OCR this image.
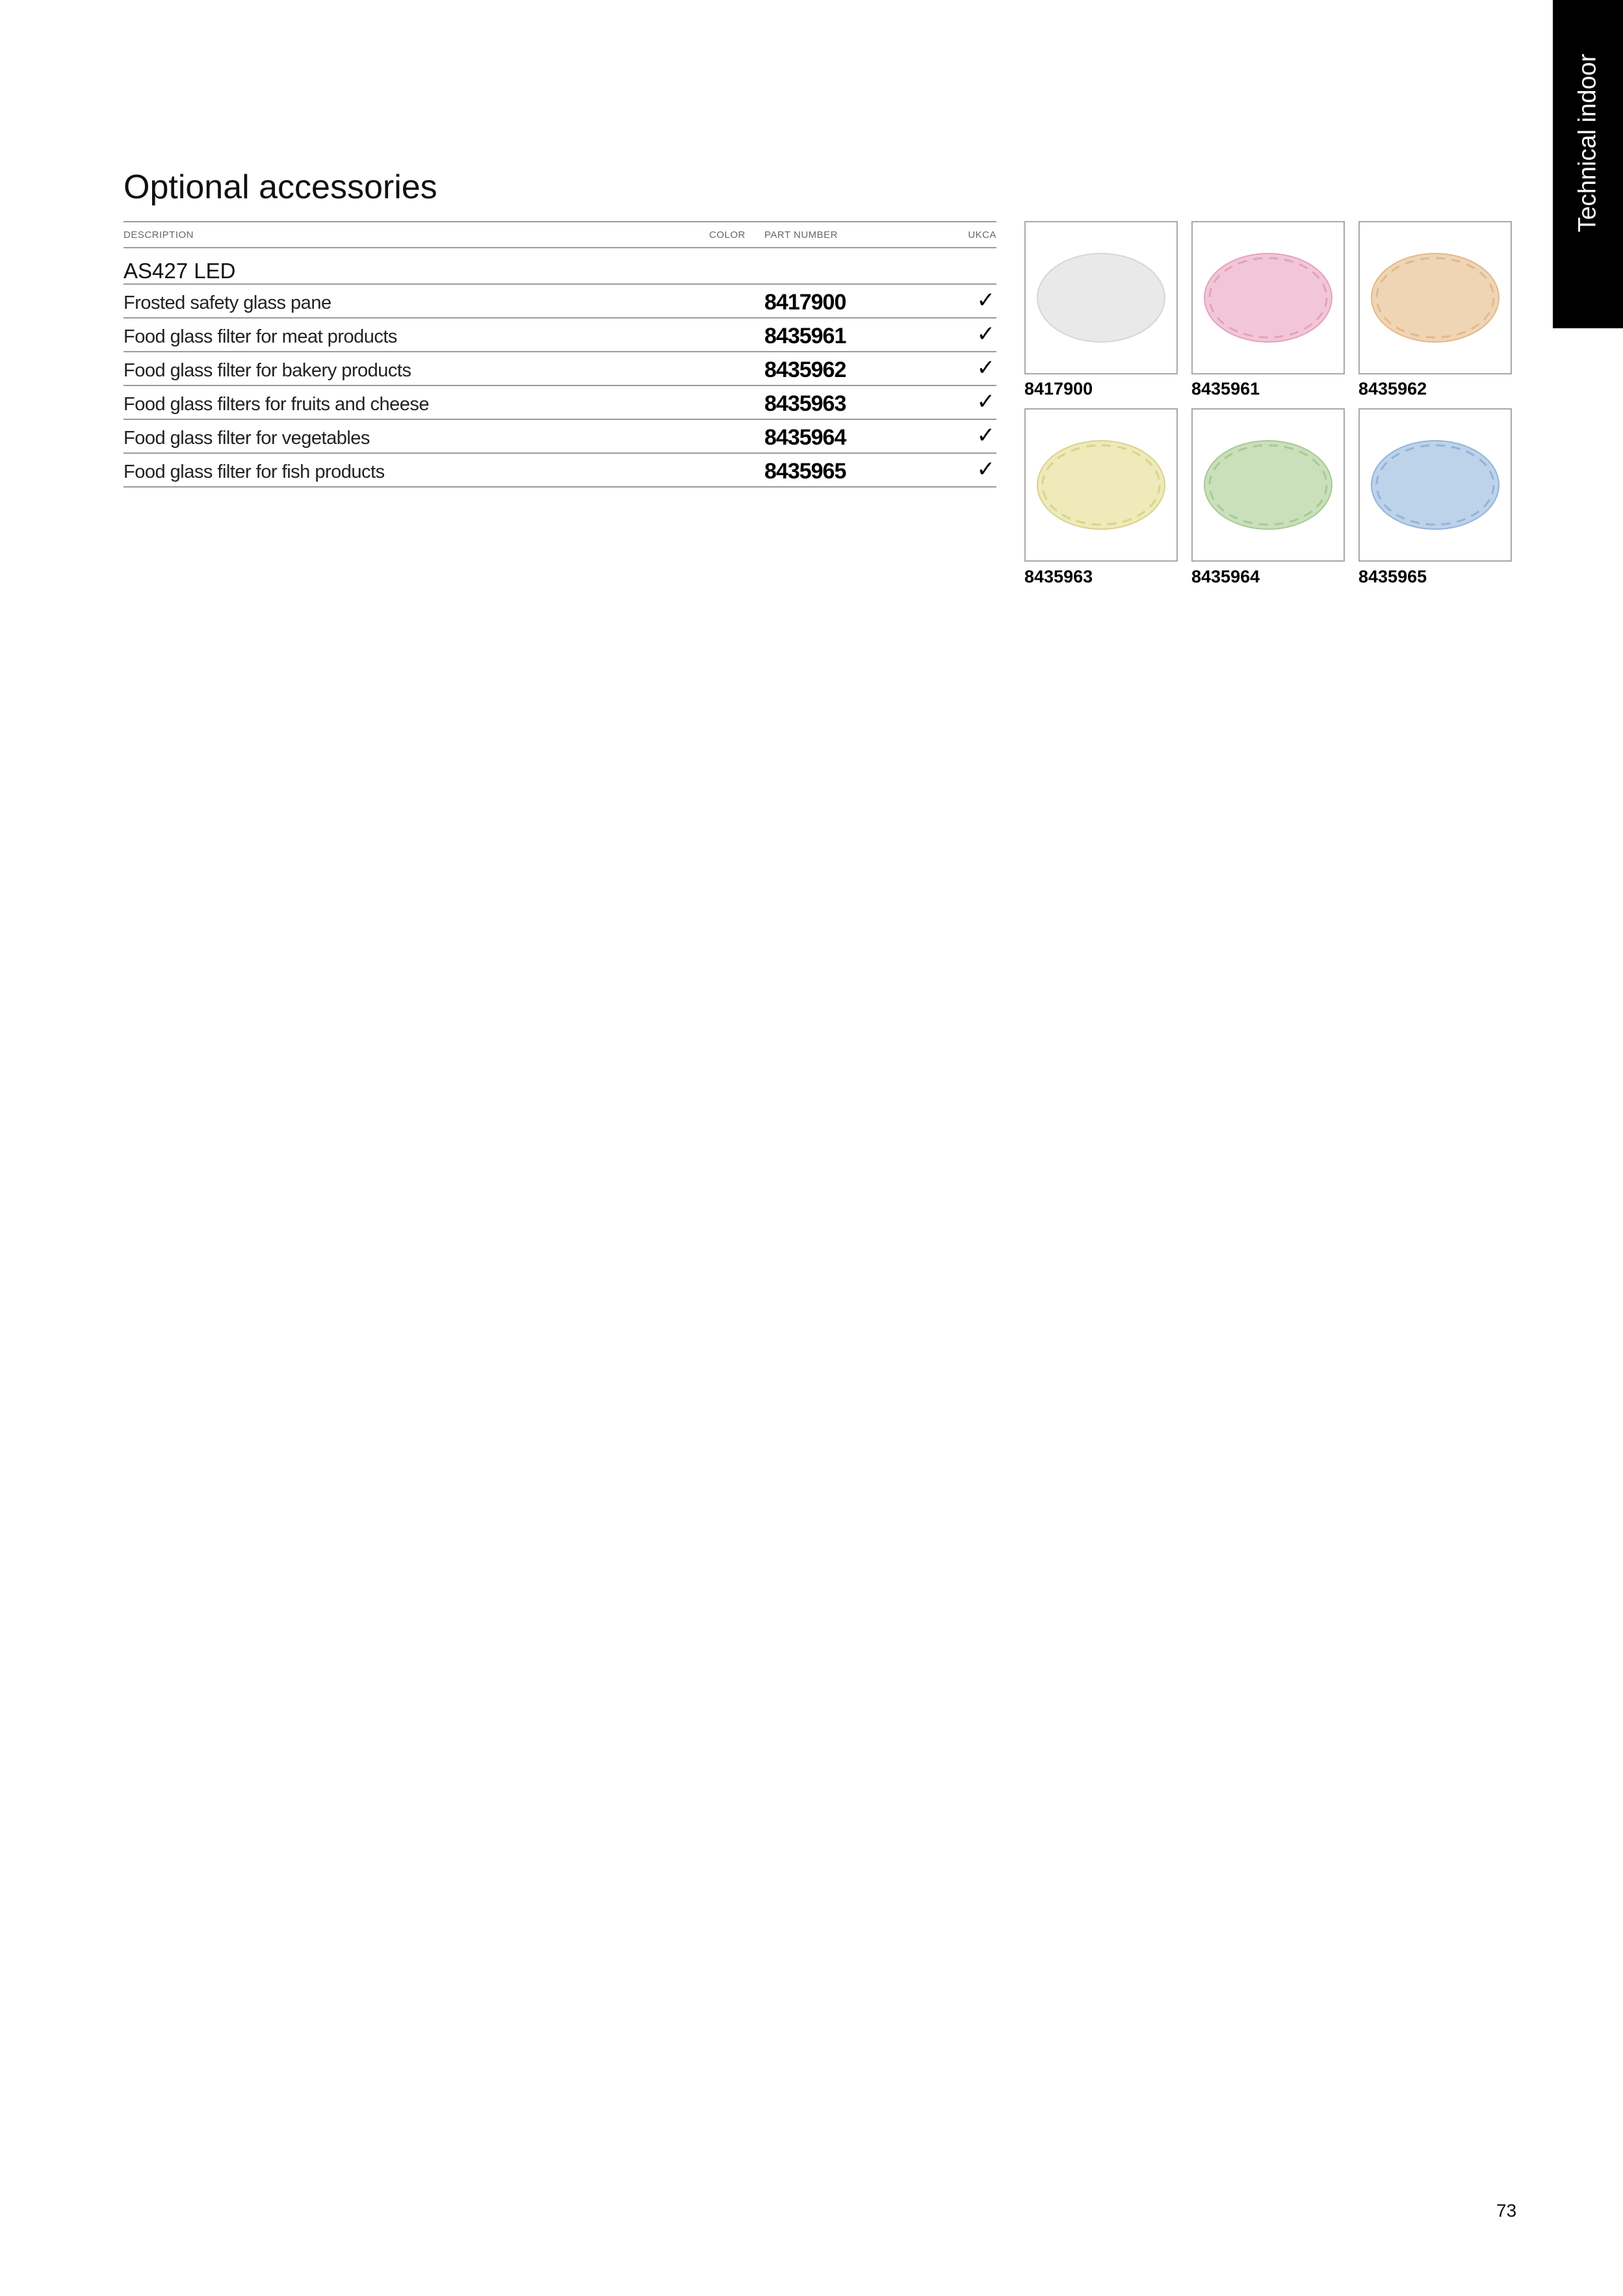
Technical indoor
Optional accessories
DESCRIPTION	COLOR PART NUMBER	UKCA
AS427 LED
Frosted safety glass pane	8417900	✓
Food glass filter for meat products	8435961	✓
Food glass filter for bakery products	8435962	✓
Food glass filters for fruits and cheese	8435963	✓
Food glass filter for vegetables	8435964	✓
Food glass filter for fish products	8435965	✓
8417900	8435961	8435962
8435963	8435964	8435965
73
